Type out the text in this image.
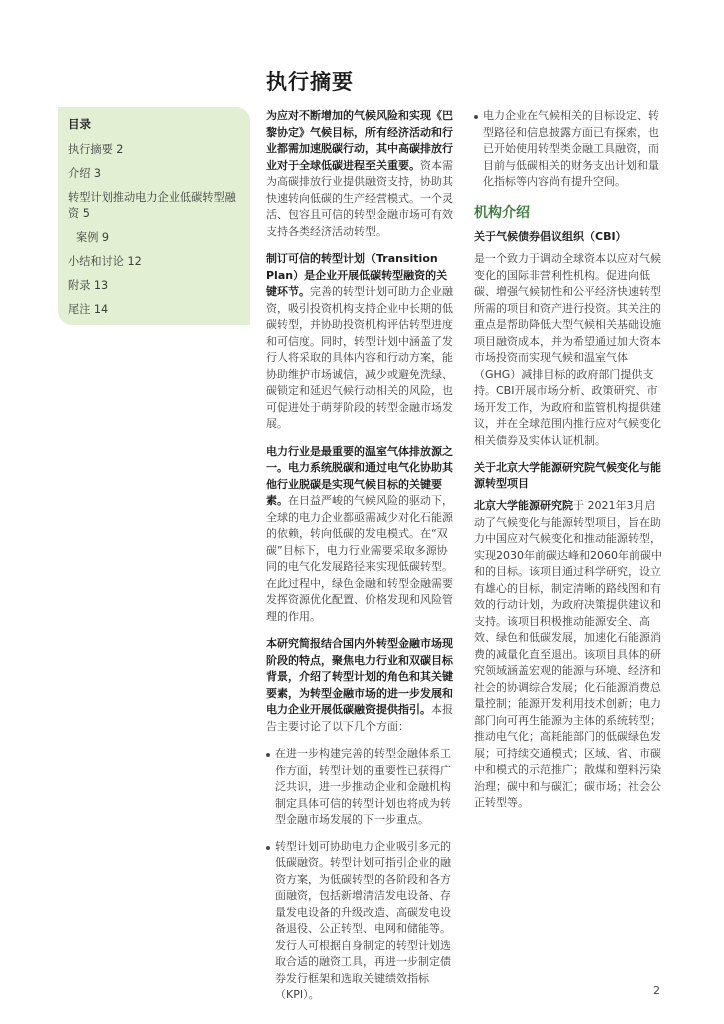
执行摘要
目录
执行摘要 2
介绍 3
转型计划推动电力企业低碳转型融资 5
案例 9
小结和讨论 12
附录 13
尾注 14

为应对不断增加的气候风险和实现《巴黎协定》气候目标，所有经济活动和行业都需加速脱碳行动，其中高碳排放行业对于全球低碳进程至关重要。资本需为高碳排放行业提供融资支持，协助其快速转向低碳的生产经营模式。一个灵活、包容且可信的转型金融市场可有效支持各类经济活动转型。

制订可信的转型计划（Transition Plan）是企业开展低碳转型融资的关键环节。完善的转型计划可助力企业融资，吸引投资机构支持企业中长期的低碳转型，并协助投资机构评估转型进度和可信度。同时，转型计划中涵盖了发行人将采取的具体内容和行动方案，能协助维护市场诚信，减少或避免洗绿、碳锁定和延迟气候行动相关的风险，也可促进处于萌芽阶段的转型金融市场发展。

电力行业是最重要的温室气体排放源之一。电力系统脱碳和通过电气化协助其他行业脱碳是实现气候目标的关键要素。在日益严峻的气候风险的驱动下，全球的电力企业都亟需减少对化石能源的依赖，转向低碳的发电模式。在“双碳”目标下，电力行业需要采取多源协同的电气化发展路径来实现低碳转型。在此过程中，绿色金融和转型金融需要发挥资源优化配置、价格发现和风险管理的作用。

本研究简报结合国内外转型金融市场现阶段的特点，聚焦电力行业和双碳目标背景，介绍了转型计划的角色和其关键要素，为转型金融市场的进一步发展和电力企业开展低碳融资提供指引。本报告主要讨论了以下几个方面：

在进一步构建完善的转型金融体系工作方面，转型计划的重要性已获得广泛共识，进一步推动企业和金融机构制定具体可信的转型计划也将成为转型金融市场发展的下一步重点。
转型计划可协助电力企业吸引多元的低碳融资。转型计划可指引企业的融资方案，为低碳转型的各阶段和各方面融资，包括新增清洁发电设备、存量发电设备的升级改造、高碳发电设备退役、公正转型、电网和储能等。发行人可根据自身制定的转型计划选取合适的融资工具，再进一步制定债券发行框架和选取关键绩效指标（KPI）。
电力企业在气候相关的目标设定、转型路径和信息披露方面已有探索，也已开始使用转型类金融工具融资，而目前与低碳相关的财务支出计划和量化指标等内容尚有提升空间。
机构介绍
关于气候债券倡议组织（CBI）

是一个致力于调动全球资本以应对气候变化的国际非营利性机构。促进向低碳、增强气候韧性和公平经济快速转型所需的项目和资产进行投资。其关注的重点是帮助降低大型气候相关基础设施项目融资成本，并为希望通过加大资本市场投资而实现气候和温室气体（GHG）减排目标的政府部门提供支持。CBI开展市场分析、政策研究、市场开发工作，为政府和监管机构提供建议，并在全球范围内推行应对气候变化相关债券及实体认证机制。

关于北京大学能源研究院气候变化与能源转型项目

北京大学能源研究院于 2021年3月启动了气候变化与能源转型项目，旨在助力中国应对气候变化和推动能源转型，实现2030年前碳达峰和2060年前碳中和的目标。该项目通过科学研究，设立有雄心的目标，制定清晰的路线图和有效的行动计划，为政府决策提供建议和支持。该项目积极推动能源安全、高效、绿色和低碳发展，加速化石能源消费的减量化直至退出。该项目具体的研究领域涵盖宏观的能源与环境、经济和社会的协调综合发展；化石能源消费总量控制；能源开发利用技术创新；电力部门向可再生能源为主体的系统转型；推动电气化；高耗能部门的低碳绿色发展；可持续交通模式；区域、省、市碳中和模式的示范推广；散煤和塑料污染治理；碳中和与碳汇；碳市场；社会公正转型等。

2
